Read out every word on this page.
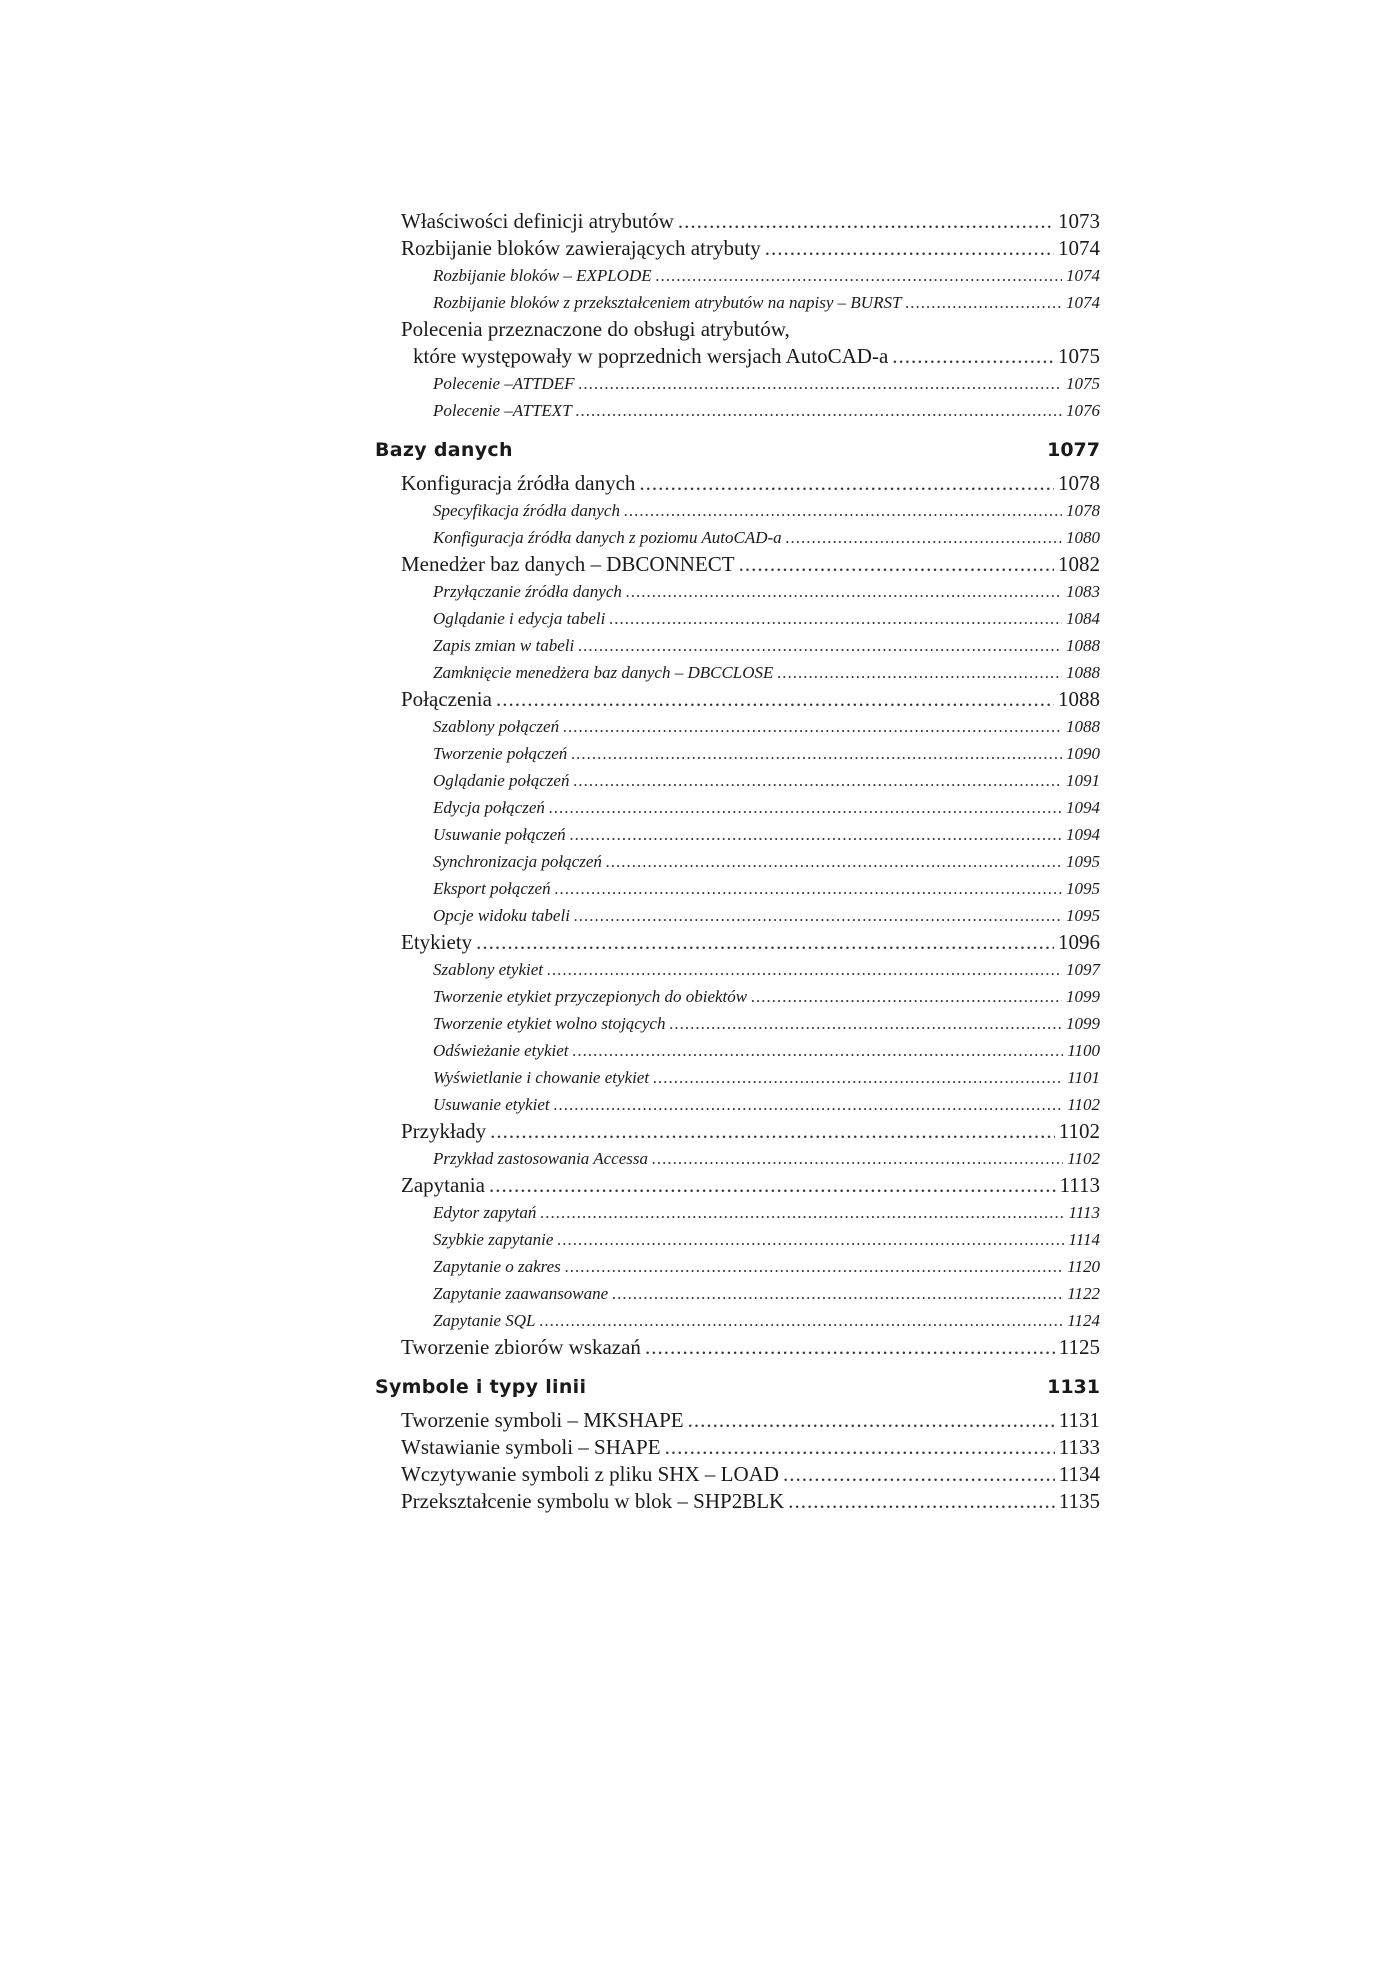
Właściwości definicji atrybutów .....	1073
Rozbijanie bloków zawierających atrybuty .....	1074
Rozbijanie bloków – EXPLODE .....	1074
Rozbijanie bloków z przekształceniem atrybutów na napisy – BURST .....	1074
Polecenia przeznaczone do obsługi atrybutów,
które występowały w poprzednich wersjach AutoCAD-a .....	1075
Polecenie –ATTDEF .....	1075
Polecenie –ATTEXT .....	1076
Bazy danych	1077
Konfiguracja źródła danych .....	1078
Specyfikacja źródła danych .....	1078
Konfiguracja źródła danych z poziomu AutoCAD-a .....	1080
Menedżer baz danych – DBCONNECT .....	1082
Przyłączanie źródła danych .....	1083
Oglądanie i edycja tabeli .....	1084
Zapis zmian w tabeli .....	1088
Zamknięcie menedżera baz danych – DBCCLOSE .....	1088
Połączenia .....	1088
Szablony połączeń .....	1088
Tworzenie połączeń .....	1090
Oglądanie połączeń .....	1091
Edycja połączeń .....	1094
Usuwanie połączeń .....	1094
Synchronizacja połączeń .....	1095
Eksport połączeń .....	1095
Opcje widoku tabeli .....	1095
Etykiety .....	1096
Szablony etykiet .....	1097
Tworzenie etykiet przyczepionych do obiektów .....	1099
Tworzenie etykiet wolno stojących .....	1099
Odświeżanie etykiet .....	1100
Wyświetlanie i chowanie etykiet .....	1101
Usuwanie etykiet .....	1102
Przykłady .....	1102
Przykład zastosowania Accessa .....	1102
Zapytania .....	1113
Edytor zapytań .....	1113
Szybkie zapytanie .....	1114
Zapytanie o zakres .....	1120
Zapytanie zaawansowane .....	1122
Zapytanie SQL .....	1124
Tworzenie zbiorów wskazań .....	1125
Symbole i typy linii	1131
Tworzenie symboli – MKSHAPE .....	1131
Wstawianie symboli – SHAPE .....	1133
Wczytywanie symboli z pliku SHX – LOAD .....	1134
Przekształcenie symbolu w blok – SHP2BLK .....	1135
